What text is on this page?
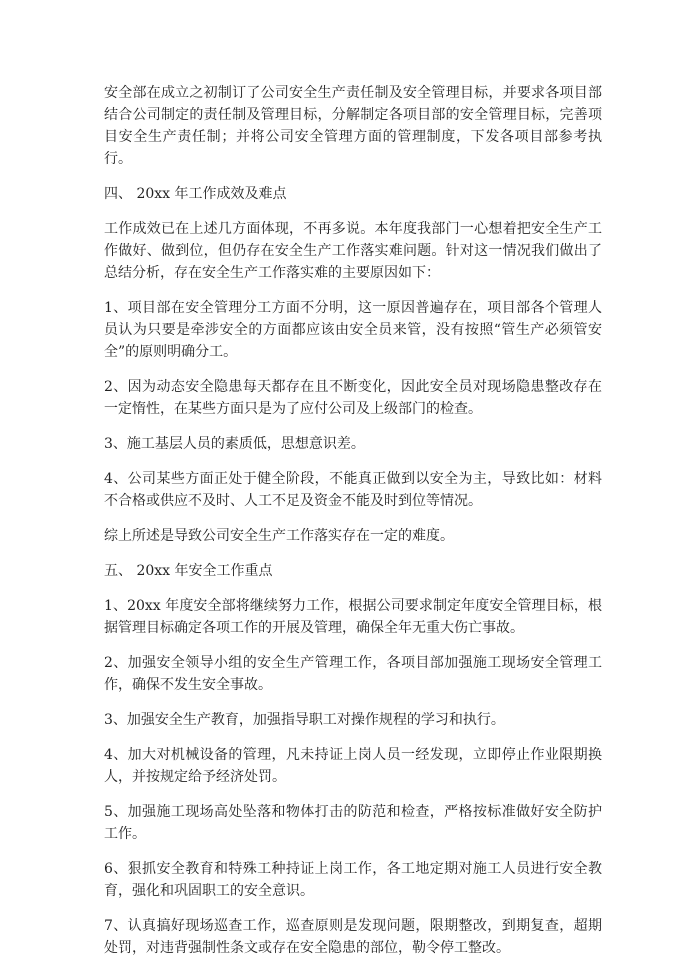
安全部在成立之初制订了公司安全生产责任制及安全管理目标，并要求各项目部结合公司制定的责任制及管理目标，分解制定各项目部的安全管理目标，完善项目安全生产责任制；并将公司安全管理方面的管理制度，下发各项目部参考执行。

四、 20xx 年工作成效及难点

工作成效已在上述几方面体现，不再多说。本年度我部门一心想着把安全生产工作做好、做到位，但仍存在安全生产工作落实难问题。针对这一情况我们做出了总结分析，存在安全生产工作落实难的主要原因如下：

1、项目部在安全管理分工方面不分明，这一原因普遍存在，项目部各个管理人员认为只要是牵涉安全的方面都应该由安全员来管，没有按照“管生产必须管安全”的原则明确分工。

2、因为动态安全隐患每天都存在且不断变化，因此安全员对现场隐患整改存在一定惰性，在某些方面只是为了应付公司及上级部门的检查。

3、施工基层人员的素质低，思想意识差。

4、公司某些方面正处于健全阶段，不能真正做到以安全为主，导致比如：材料不合格或供应不及时、人工不足及资金不能及时到位等情况。

综上所述是导致公司安全生产工作落实存在一定的难度。

五、 20xx 年安全工作重点

1、20xx 年度安全部将继续努力工作，根据公司要求制定年度安全管理目标，根据管理目标确定各项工作的开展及管理，确保全年无重大伤亡事故。

2、加强安全领导小组的安全生产管理工作，各项目部加强施工现场安全管理工作，确保不发生安全事故。

3、加强安全生产教育，加强指导职工对操作规程的学习和执行。

4、加大对机械设备的管理，凡未持证上岗人员一经发现，立即停止作业限期换人，并按规定给予经济处罚。

5、加强施工现场高处坠落和物体打击的防范和检查，严格按标准做好安全防护工作。

6、狠抓安全教育和特殊工种持证上岗工作，各工地定期对施工人员进行安全教育，强化和巩固职工的安全意识。

7、认真搞好现场巡查工作，巡查原则是发现问题，限期整改，到期复查，超期处罚，对违背强制性条文或存在安全隐患的部位，勒令停工整改。
